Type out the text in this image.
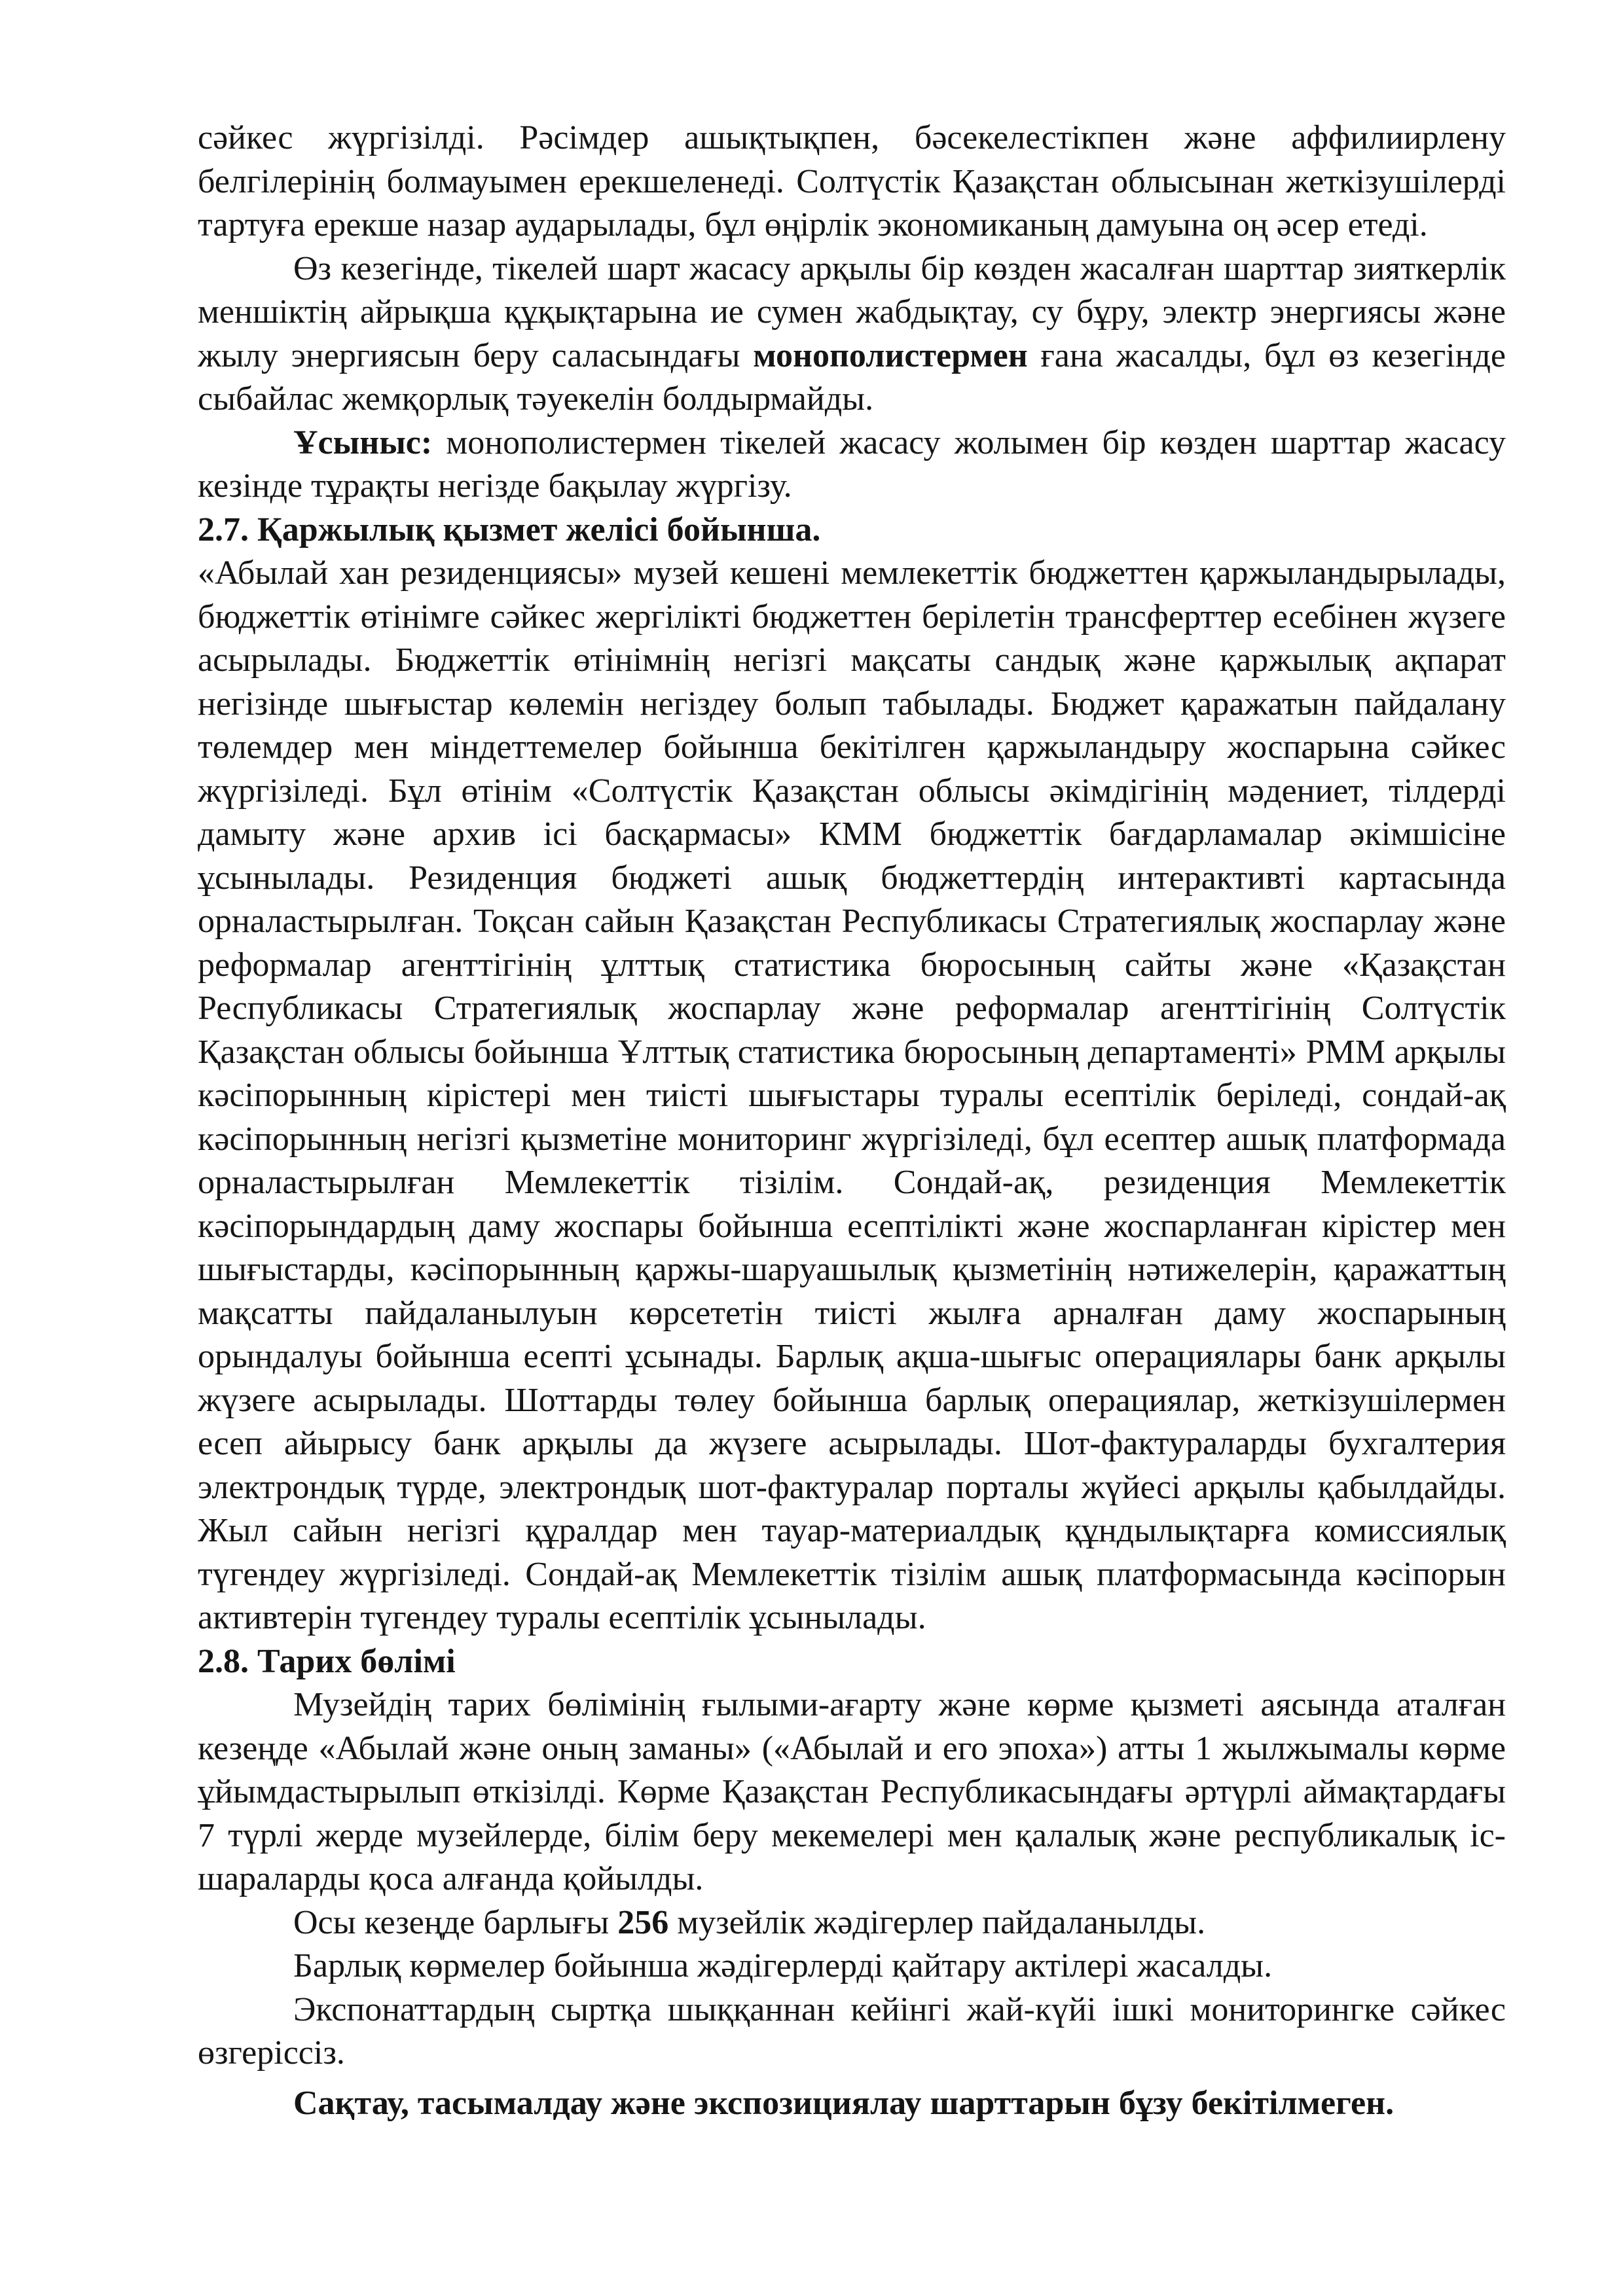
сәйкес жүргізілді. Рәсімдер ашықтықпен, бәсекелестікпен және аффилиирлену белгілерінің болмауымен ерекшеленеді. Солтүстік Қазақстан облысынан жеткізушілерді тартуға ерекше назар аударылады, бұл өңірлік экономиканың дамуына оң әсер етеді.

Өз кезегінде, тікелей шарт жасасу арқылы бір көзден жасалған шарттар зияткерлік меншіктің айрықша құқықтарына ие сумен жабдықтау, су бұру, электр энергиясы және жылу энергиясын беру саласындағы монополистермен ғана жасалды, бұл өз кезегінде сыбайлас жемқорлық тәуекелін болдырмайды.

Ұсыныс: монополистермен тікелей жасасу жолымен бір көзден шарттар жасасу кезінде тұрақты негізде бақылау жүргізу.

2.7. Қаржылық қызмет желісі бойынша.

«Абылай хан резиденциясы» музей кешені мемлекеттік бюджеттен қаржыландырылады, бюджеттік өтінімге сәйкес жергілікті бюджеттен берілетін трансферттер есебінен жүзеге асырылады. Бюджеттік өтінімнің негізгі мақсаты сандық және қаржылық ақпарат негізінде шығыстар көлемін негіздеу болып табылады. Бюджет қаражатын пайдалану төлемдер мен міндеттемелер бойынша бекітілген қаржыландыру жоспарына сәйкес жүргізіледі. Бұл өтінім «Солтүстік Қазақстан облысы әкімдігінің мәдениет, тілдерді дамыту және архив ісі басқармасы» КММ бюджеттік бағдарламалар әкімшісіне ұсынылады. Резиденция бюджеті ашық бюджеттердің интерактивті картасында орналастырылған. Тоқсан сайын Қазақстан Республикасы Стратегиялық жоспарлау және реформалар агенттігінің ұлттық статистика бюросының сайты және «Қазақстан Республикасы Стратегиялық жоспарлау және реформалар агенттігінің Солтүстік Қазақстан облысы бойынша Ұлттық статистика бюросының департаменті» РММ арқылы кәсіпорынның кірістері мен тиісті шығыстары туралы есептілік беріледі, сондай-ақ кәсіпорынның негізгі қызметіне мониторинг жүргізіледі, бұл есептер ашық платформада орналастырылған Мемлекеттік тізілім. Сондай-ақ, резиденция Мемлекеттік кәсіпорындардың даму жоспары бойынша есептілікті және жоспарланған кірістер мен шығыстарды, кәсіпорынның қаржы-шаруашылық қызметінің нәтижелерін, қаражаттың мақсатты пайдаланылуын көрсететін тиісті жылға арналған даму жоспарының орындалуы бойынша есепті ұсынады. Барлық ақша-шығыс операциялары банк арқылы жүзеге асырылады. Шоттарды төлеу бойынша барлық операциялар, жеткізушілермен есеп айырысу банк арқылы да жүзеге асырылады. Шот-фактураларды бухгалтерия электрондық түрде, электрондық шот-фактуралар порталы жүйесі арқылы қабылдайды. Жыл сайын негізгі құралдар мен тауар-материалдық құндылықтарға комиссиялық түгендеу жүргізіледі. Сондай-ақ Мемлекеттік тізілім ашық платформасында кәсіпорын активтерін түгендеу туралы есептілік ұсынылады.

2.8. Тарих бөлімі

Музейдің тарих бөлімінің ғылыми-ағарту және көрме қызметі аясында аталған кезеңде «Абылай және оның заманы» («Абылай и его эпоха») атты 1 жылжымалы көрме ұйымдастырылып өткізілді. Көрме Қазақстан Республикасындағы әртүрлі аймақтардағы 7 түрлі жерде музейлерде, білім беру мекемелері мен қалалық және республикалық іс-шараларды қоса алғанда қойылды.

Осы кезеңде барлығы 256 музейлік жәдігерлер пайдаланылды.

Барлық көрмелер бойынша жәдігерлерді қайтару актілері жасалды.

Экспонаттардың сыртқа шыққаннан кейінгі жай-күйі ішкі мониторингке сәйкес өзгеріссіз.

Сақтау, тасымалдау және экспозициялау шарттарын бұзу бекітілмеген.
